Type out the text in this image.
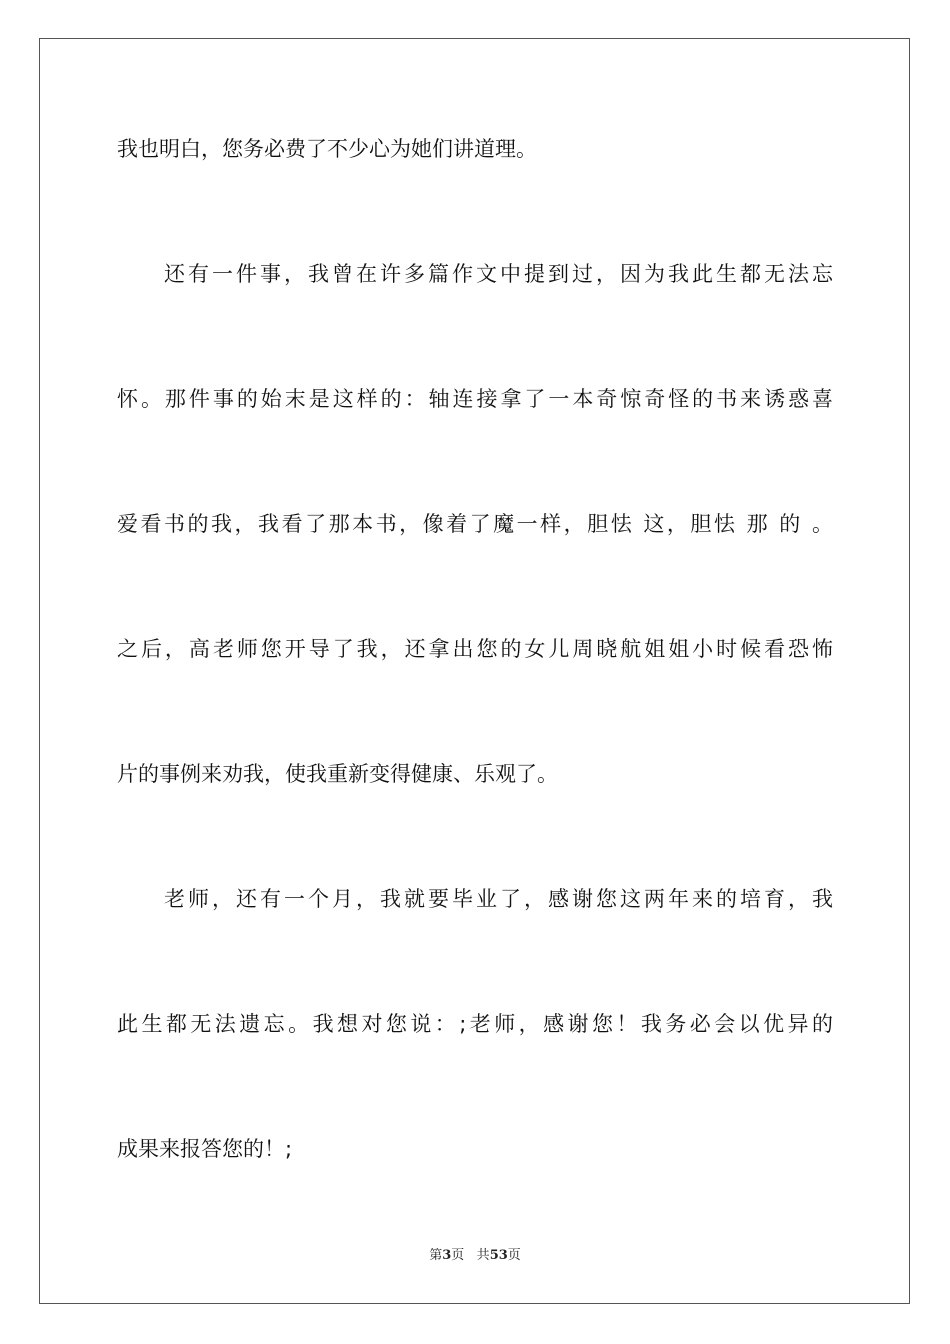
我也明白，您务必费了不少心为她们讲道理。
还有一件事，我曾在许多篇作文中提到过，因为我此生都无法忘
怀。那件事的始末是这样的：轴连接拿了一本奇惊奇怪的书来诱惑喜
爱看书的我，我看了那本书，像着了魔一样，胆怯 这，胆怯 那 的 。
之后，高老师您开导了我，还拿出您的女儿周晓航姐姐小时候看恐怖
片的事例来劝我，使我重新变得健康、乐观了。
老师，还有一个月，我就要毕业了，感谢您这两年来的培育，我
此生都无法遗忘。我想对您说：;老师，感谢您！我务必会以优异的
成果来报答您的！;
第3页 共53页
